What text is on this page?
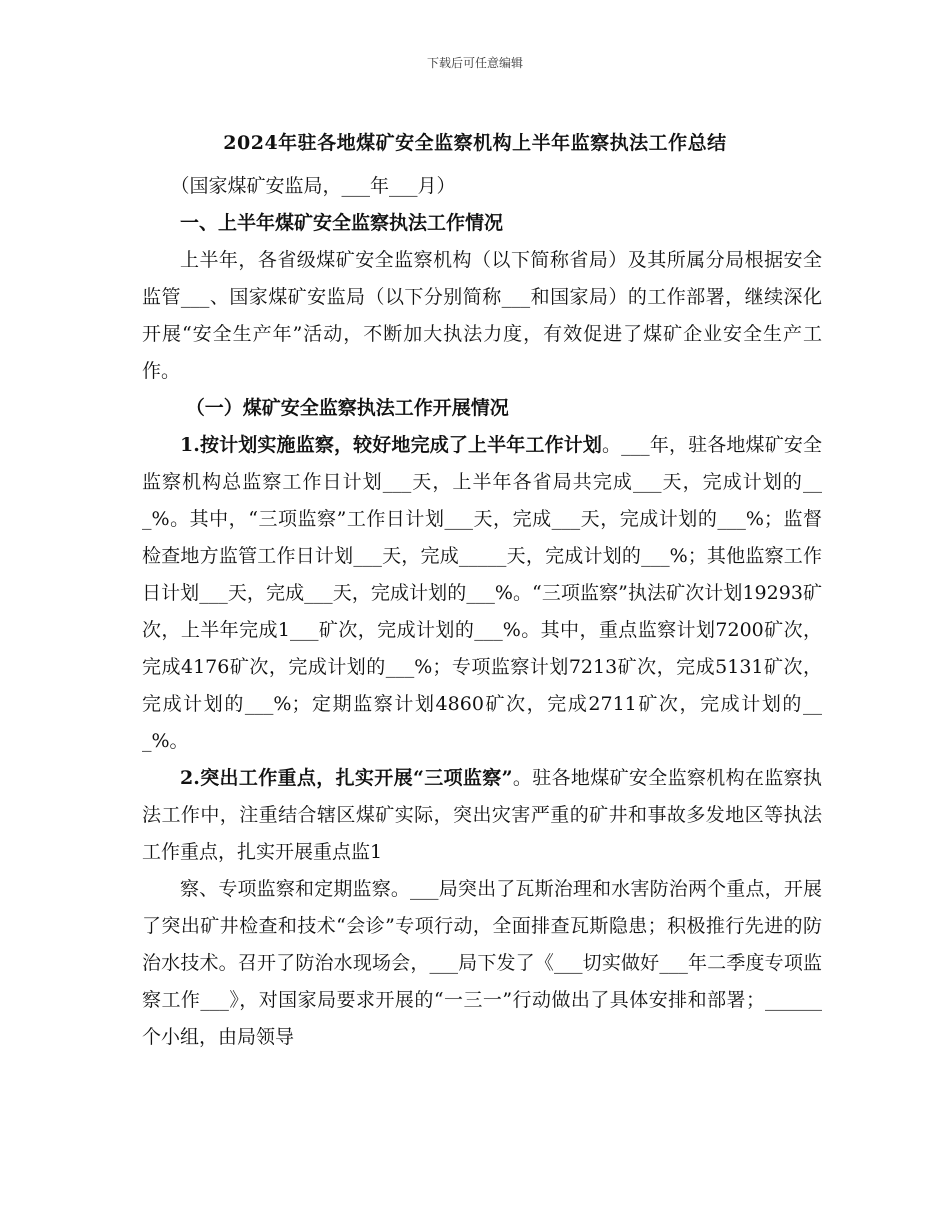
下载后可任意编辑
2024年驻各地煤矿安全监察机构上半年监察执法工作总结

（国家煤矿安监局，___年___月）

一、上半年煤矿安全监察执法工作情况

上半年，各省级煤矿安全监察机构（以下简称省局）及其所属分局根据安全监管___、国家煤矿安监局（以下分别简称___和国家局）的工作部署，继续深化开展“安全生产年”活动，不断加大执法力度，有效促进了煤矿企业安全生产工作。

（一）煤矿安全监察执法工作开展情况

1.按计划实施监察，较好地完成了上半年工作计划。___年，驻各地煤矿安全监察机构总监察工作日计划___天，上半年各省局共完成___天，完成计划的___%。其中，“三项监察”工作日计划___天，完成___天，完成计划的___%；监督检查地方监管工作日计划___天，完成_____天，完成计划的___%；其他监察工作日计划___天，完成___天，完成计划的___%。“三项监察”执法矿次计划19293矿次，上半年完成1___矿次，完成计划的___%。其中，重点监察计划7200矿次，完成4176矿次，完成计划的___%；专项监察计划7213矿次，完成5131矿次，完成计划的___%；定期监察计划4860矿次，完成2711矿次，完成计划的___%。

2.突出工作重点，扎实开展“三项监察”。驻各地煤矿安全监察机构在监察执法工作中，注重结合辖区煤矿实际，突出灾害严重的矿井和事故多发地区等执法工作重点，扎实开展重点监1

察、专项监察和定期监察。___局突出了瓦斯治理和水害防治两个重点，开展了突出矿井检查和技术“会诊”专项行动，全面排查瓦斯隐患；积极推行先进的防治水技术。召开了防治水现场会，___局下发了《___切实做好___年二季度专项监察工作___》，对国家局要求开展的“一三一”行动做出了具体安排和部署；______个小组，由局领导
